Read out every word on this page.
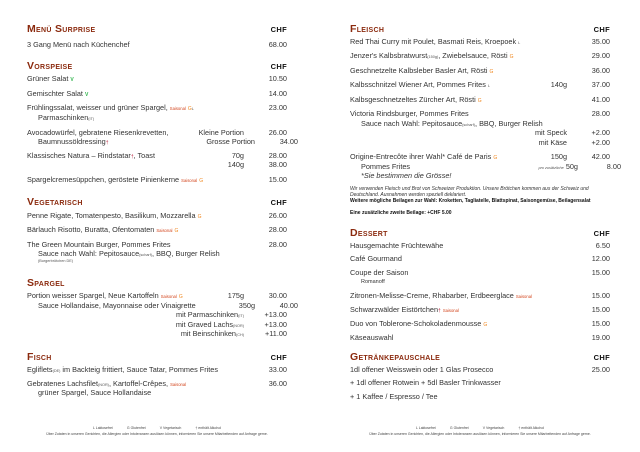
Menü Surprise	CHF
3 Gang Menü nach Küchenchef	68.00
Vorspeise	CHF
Grüner Salat V	10.50
Gemischter Salat V	14.00
Frühlingssalat, weisser und grüner Spargel, Saisonal GL	23.00
Parmaschinken(IT)
Avocadowürfel, gebratene Riesenkrevetten,	Kleine Portion	26.00
Baumnussöldressing†	Grosse Portion	34.00
Klassisches Natura – Rindstatar†, Toast	70g	28.00
140g	38.00
Spargelcremesüppchen, geröstete Pinienkerne Saisonal G	15.00
Vegetarisch	CHF
Penne Rigate, Tomatenpesto, Basilikum, Mozzarella G	26.00
Bärlauch Risotto, Buratta, Ofentomaten Saisonal G	28.00
The Green Mountain Burger, Pommes Frites	28.00
Sauce nach Wahl: Pepitosauce(scharf), BBQ, Burger Relish
(Burgerbrötchen DE)
Spargel
Portion weisser Spargel, Neue Kartoffeln Saisonal G	175g	30.00
Sauce Hollandaise, Mayonnaise oder Vinaigrette	350g	40.00
mit Parmaschinken(IT)	+13.00
mit Graved Lachs(NOR)	+13.00
mit Beinschinken(CH)	+11.00
Fisch	CHF
Egliflets(DE) im Backteig frittiert, Sauce Tatar, Pommes Frites	33.00
Gebratenes Lachsfilet(NOR), Kartoffel-Crêpes, Saisonal	36.00
grüner Spargel, Sauce Hollandaise
L Laktosefrei	G Glutenfrei	V Vegetarisch	† enthält Alkohol
Über Zutaten in unseren Gerichten, die Allergien oder Intoleranzen auslösen können, informieren Sie unsere Mitarbeitenden auf Anfrage gerne.
Fleisch	CHF
Red Thai Curry mit Poulet, Basmati Reis, Kroepoek L	35.00
Jenzer's Kalbsbratwurst(150g), Zwiebelsauce, Rösti G	29.00
Geschnetzelte Kalbsleber Basler Art, Rösti G	36.00
Kalbsschnitzel Wiener Art, Pommes Frites L	140g	37.00
Kalbsgeschnetzeltes Zürcher Art, Rösti G	41.00
Victoria Rindsburger, Pommes Frites	28.00
Sauce nach Wahl: Pepitosauce(scharf), BBQ, Burger Relish
mit Speck	+2.00
mit Käse	+2.00
Origine-Entrecôte ihrer Wahl* Café de Paris G	150g	42.00
Pommes Frites	pro zusätzliche 50g	8.00
*Sie bestimmen die Grösse!
Wir verwenden Fleisch und Brot von Schweizer Produktion. Unsere Brötchen kommen aus der Schweiz und Deutschland. Ausnahmen werden speziell deklariert.
Weitere mögliche Beilagen zur Wahl: Kroketten, Tagliatelle, Blattspinat, Saisongemüse, Beilagensalat
Eine zusätzliche zweite Beilage: +CHF 5.00
Dessert	CHF
Hausgemachte Früchtewähe	6.50
Café Gourmand	12.00
Coupe der Saison	15.00
Romanoff
Zitronen-Melisse-Creme, Rhabarber, Erdbeerglace Saisonal	15.00
Schwarzwälder Eistörtchen† Saisonal	15.00
Duo von Toblerone-Schokoladenmousse G	15.00
Käseauswahl	19.00
Getränkepauschale	CHF
1dl offener Weisswein oder 1 Glas Prosecco	25.00
+ 1dl offener Rotwein + 5dl Basler Trinkwasser
+ 1 Kaffee / Espresso / Tee
L Laktosefrei	G Glutenfrei	V Vegetarisch	† enthält Alkohol
Über Zutaten in unseren Gerichten, die Allergien oder Intoleranzen auslösen können, informieren Sie unsere Mitarbeitenden auf Anfrage gerne.
